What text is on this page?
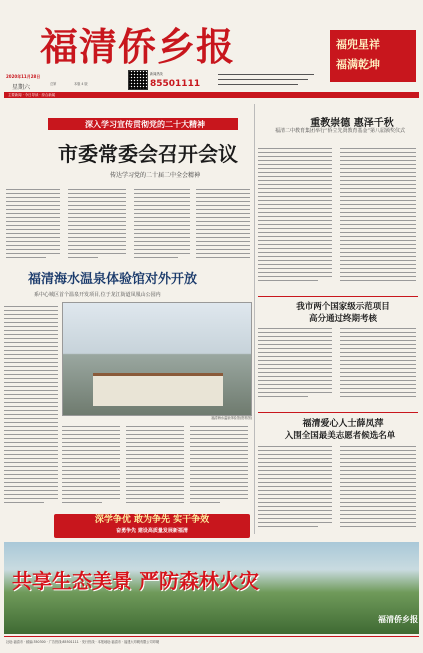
福清侨乡报
2020年11月28日
星期六	总第	本版 4 版
新闻热线
85501111
福兜星祥
福满乾坤
主要新闻 · 今日导读 · 综合新闻
深入学习宣传贯彻党的二十大精神
市委常委会召开会议
传达学习党的二十届二中全会精神
福清海水温泉体验馆对外开放
系中心城区首个温泉开发项目,位于龙江街道凤凰山公园内
福清海水温泉体验馆(资料图)
重教崇德 惠泽千秋
福清二中教育集团举行“侨立先贤教育基金”第八届颁奖仪式
我市两个国家级示范项目
高分通过终期考核
福清爱心人士薛凤萍
入围全国最美志愿者候选名单
深学争优 敢为争先 实干争效
奋勇争先 建设高质量发展新福清
共享生态美景 严防森林火灾
福清侨乡报
社址:福清市 · 邮编:350300 · 广告热线:85501111 · 发行热线 · 本报地址:福清市 · 福建大印刷有限公司印刷
